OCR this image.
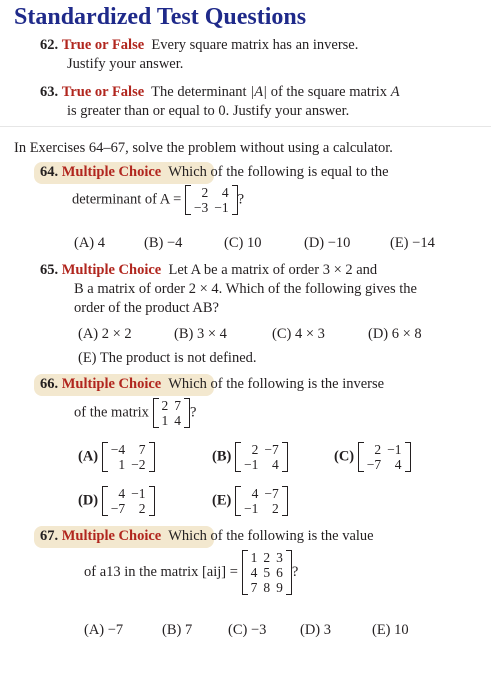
Standardized Test Questions
62. True or False Every square matrix has an inverse.
Justify your answer.
63. True or False The determinant |A| of the square matrix A
is greater than or equal to 0. Justify your answer.
In Exercises 64–67, solve the problem without using a calculator.
64. Multiple Choice Which of the following is equal to the
determinant of A = 2	4
−3	−1
?
(A) 4	(B) −4	(C) 10	(D) −10	(E) −14
65. Multiple Choice Let A be a matrix of order 3 × 2 and
B a matrix of order 2 × 4. Which of the following gives the
order of the product AB?
(A) 2 × 2	(B) 3 × 4	(C) 4 × 3	(D) 6 × 8
(E) The product is not defined.
66. Multiple Choice Which of the following is the inverse
of the matrix 2	7
1	4
?
(A) −4	7
1	−2
(B) 2	−7
−1	4
(C) 2	−1
−7	4
(D) 4	−1
−7	2
(E) 4	−7
−1	2
67. Multiple Choice Which of the following is the value
of a13 in the matrix [aij] =
1	2	3
4	5	6
7	8	9
?
(A) −7	(B) 7 (C) −3 (D) 3	(E) 10
